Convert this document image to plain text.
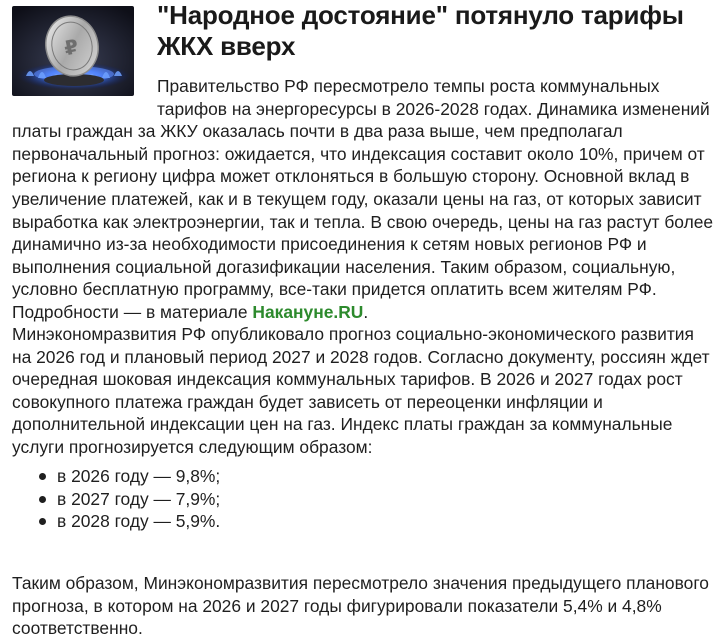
₽
"Народное достояние" потянуло тарифы ЖКХ вверх

Правительство РФ пересмотрело темпы роста коммунальных тарифов на энергоресурсы в 2026-2028 годах. Динамика изменений платы граждан за ЖКУ оказалась почти в два раза выше, чем предполагал первоначальный прогноз: ожидается, что индексация составит около 10%, причем от региона к региону цифра может отклоняться в большую сторону. Основной вклад в увеличение платежей, как и в текущем году, оказали цены на газ, от которых зависит выработка как электроэнергии, так и тепла. В свою очередь, цены на газ растут более динамично из-за необходимости присоединения к сетям новых регионов РФ и выполнения социальной догазификации населения. Таким образом, социальную, условно бесплатную программу, все-таки придется оплатить всем жителям РФ. Подробности — в материале Накануне.RU.

Минэкономразвития РФ опубликовало прогноз социально-экономического развития на 2026 год и плановый период 2027 и 2028 годов. Согласно документу, россиян ждет очередная шоковая индексация коммунальных тарифов. В 2026 и 2027 годах рост совокупного платежа граждан будет зависеть от переоценки инфляции и дополнительной индексации цен на газ. Индекс платы граждан за коммунальные услуги прогнозируется следующим образом:

в 2026 году — 9,8%;
в 2027 году — 7,9%;
в 2028 году — 5,9%.

Таким образом, Минэкономразвития пересмотрело значения предыдущего планового прогноза, в котором на 2026 и 2027 годы фигурировали показатели 5,4% и 4,8% соответственно.
